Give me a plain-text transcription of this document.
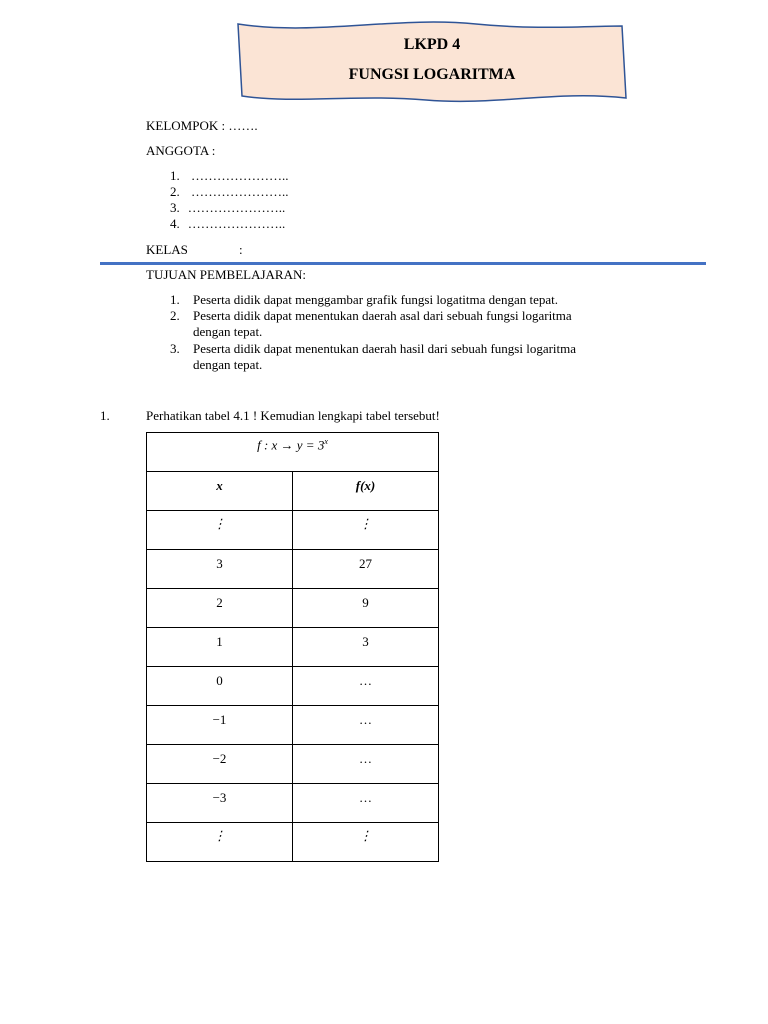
LKPD 4
FUNGSI LOGARITMA
KELOMPOK : …….
ANGGOTA :
1. …………………..
2. …………………..
3. …………………..
4. …………………..
KELAS	:
TUJUAN PEMBELAJARAN:
1. Peserta didik dapat menggambar grafik fungsi logatitma dengan tepat.
2. Peserta didik dapat menentukan daerah asal dari sebuah fungsi logaritma
dengan tepat.
3. Peserta didik dapat menentukan daerah hasil dari sebuah fungsi logaritma
dengan tepat.
1.	Perhatikan tabel 4.1 ! Kemudian lengkapi tabel tersebut!
f : $x \to y = 3^x$
x	f(x)
⋮	⋮
3	27
2	9
1	3
0	…
−1	…
−2	…
−3	…
⋮	⋮
